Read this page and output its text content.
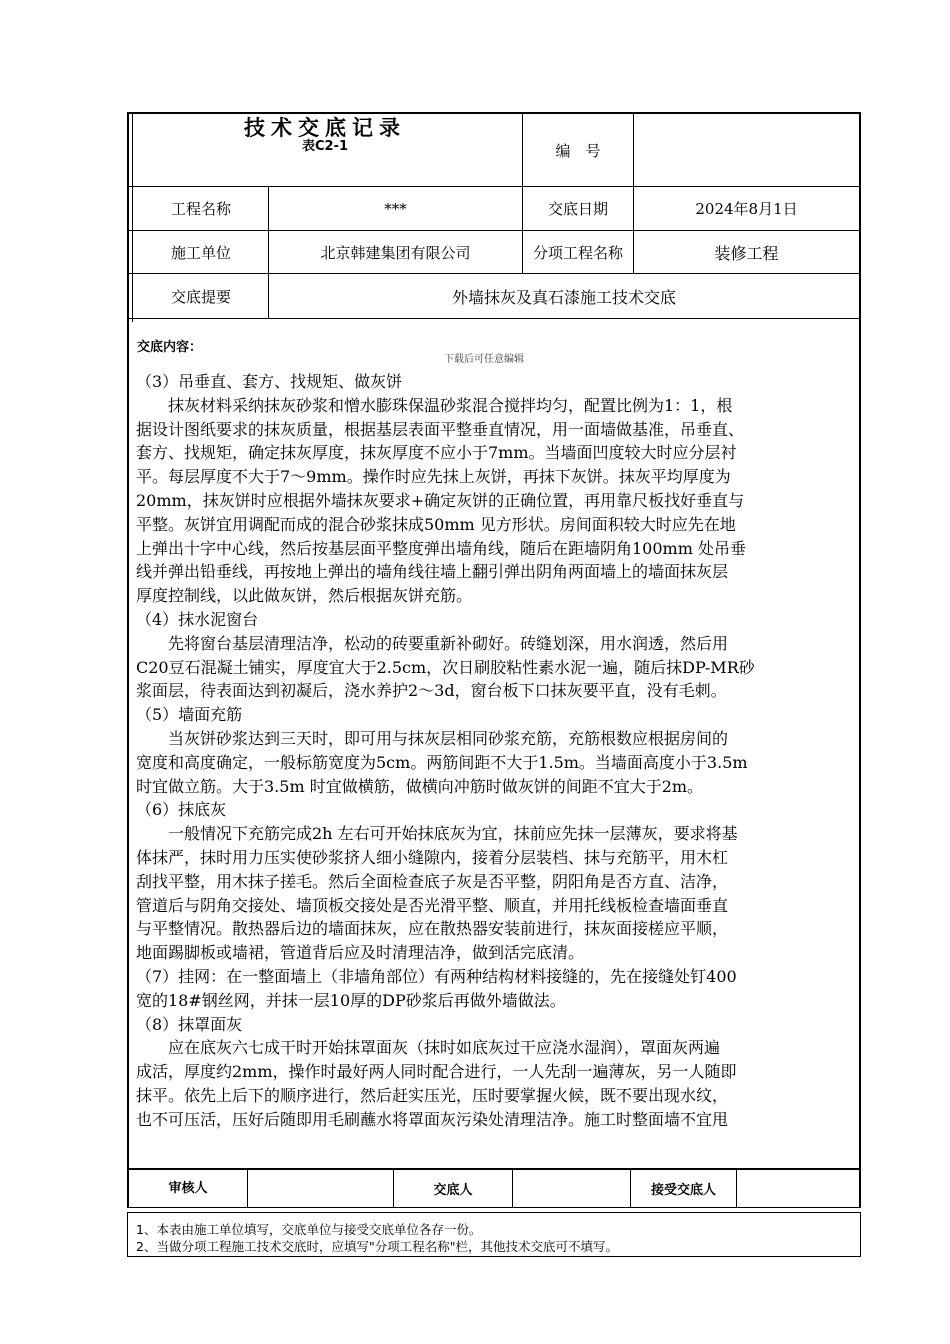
技术交底记录
表C2-1	编　号
工程名称	***	交底日期	2024年8月1日
施工单位	北京韩建集团有限公司	分项工程名称	装修工程
交底提要	外墙抹灰及真石漆施工技术交底
交底内容：
下载后可任意编辑

（3）吊垂直、套方、找规矩、做灰饼

　　抹灰材料采纳抹灰砂浆和憎水膨珠保温砂浆混合搅拌均匀，配置比例为1：1，根

据设计图纸要求的抹灰质量，根据基层表面平整垂直情况，用一面墙做基准，吊垂直、

套方、找规矩，确定抹灰厚度，抹灰厚度不应小于7mm。当墙面凹度较大时应分层衬

平。每层厚度不大于7～9mm。操作时应先抹上灰饼，再抹下灰饼。抹灰平均厚度为

20mm，抹灰饼时应根据外墙抹灰要求+确定灰饼的正确位置，再用靠尺板找好垂直与

平整。灰饼宜用调配而成的混合砂浆抹成50mm 见方形状。房间面积较大时应先在地

上弹出十字中心线，然后按基层面平整度弹出墙角线，随后在距墙阴角100mm 处吊垂

线并弹出铅垂线，再按地上弹出的墙角线往墙上翻引弹出阴角两面墙上的墙面抹灰层

厚度控制线，以此做灰饼，然后根据灰饼充筋。

（4）抹水泥窗台

　　先将窗台基层清理洁净，松动的砖要重新补砌好。砖缝划深，用水润透，然后用

C20豆石混凝土铺实，厚度宜大于2.5cm，次日刷胶粘性素水泥一遍，随后抹DP-MR砂

浆面层，待表面达到初凝后，浇水养护2～3d，窗台板下口抹灰要平直，没有毛刺。

（5）墙面充筋

　　当灰饼砂浆达到三天时，即可用与抹灰层相同砂浆充筋，充筋根数应根据房间的

宽度和高度确定，一般标筋宽度为5cm。两筋间距不大于1.5m。当墙面高度小于3.5m

时宜做立筋。大于3.5m 时宜做横筋，做横向冲筋时做灰饼的间距不宜大于2m。

（6）抹底灰

　　一般情况下充筋完成2h 左右可开始抹底灰为宜，抹前应先抹一层薄灰，要求将基

体抹严，抹时用力压实使砂浆挤人细小缝隙内，接着分层装档、抹与充筋平，用木杠

刮找平整，用木抹子搓毛。然后全面检查底子灰是否平整，阴阳角是否方直、洁净，

管道后与阴角交接处、墙顶板交接处是否光滑平整、顺直，并用托线板检查墙面垂直

与平整情况。散热器后边的墙面抹灰，应在散热器安装前进行，抹灰面接槎应平顺，

地面踢脚板或墙裙，管道背后应及时清理洁净，做到活完底清。

（7）挂网：在一整面墙上（非墙角部位）有两种结构材料接缝的，先在接缝处钉400

宽的18#钢丝网，并抹一层10厚的DP砂浆后再做外墙做法。

（8）抹罩面灰

　　应在底灰六七成干时开始抹罩面灰（抹时如底灰过干应浇水湿润），罩面灰两遍

成活，厚度约2mm，操作时最好两人同时配合进行，一人先刮一遍薄灰，另一人随即

抹平。依先上后下的顺序进行，然后赶实压光，压时要掌握火候，既不要出现水纹，

也不可压活，压好后随即用毛刷蘸水将罩面灰污染处清理洁净。施工时整面墙不宜甩

审核人	交底人	接受交底人
1、本表由施工单位填写，交底单位与接受交底单位各存一份。
2、当做分项工程施工技术交底时，应填写"分项工程名称"栏，其他技术交底可不填写。
